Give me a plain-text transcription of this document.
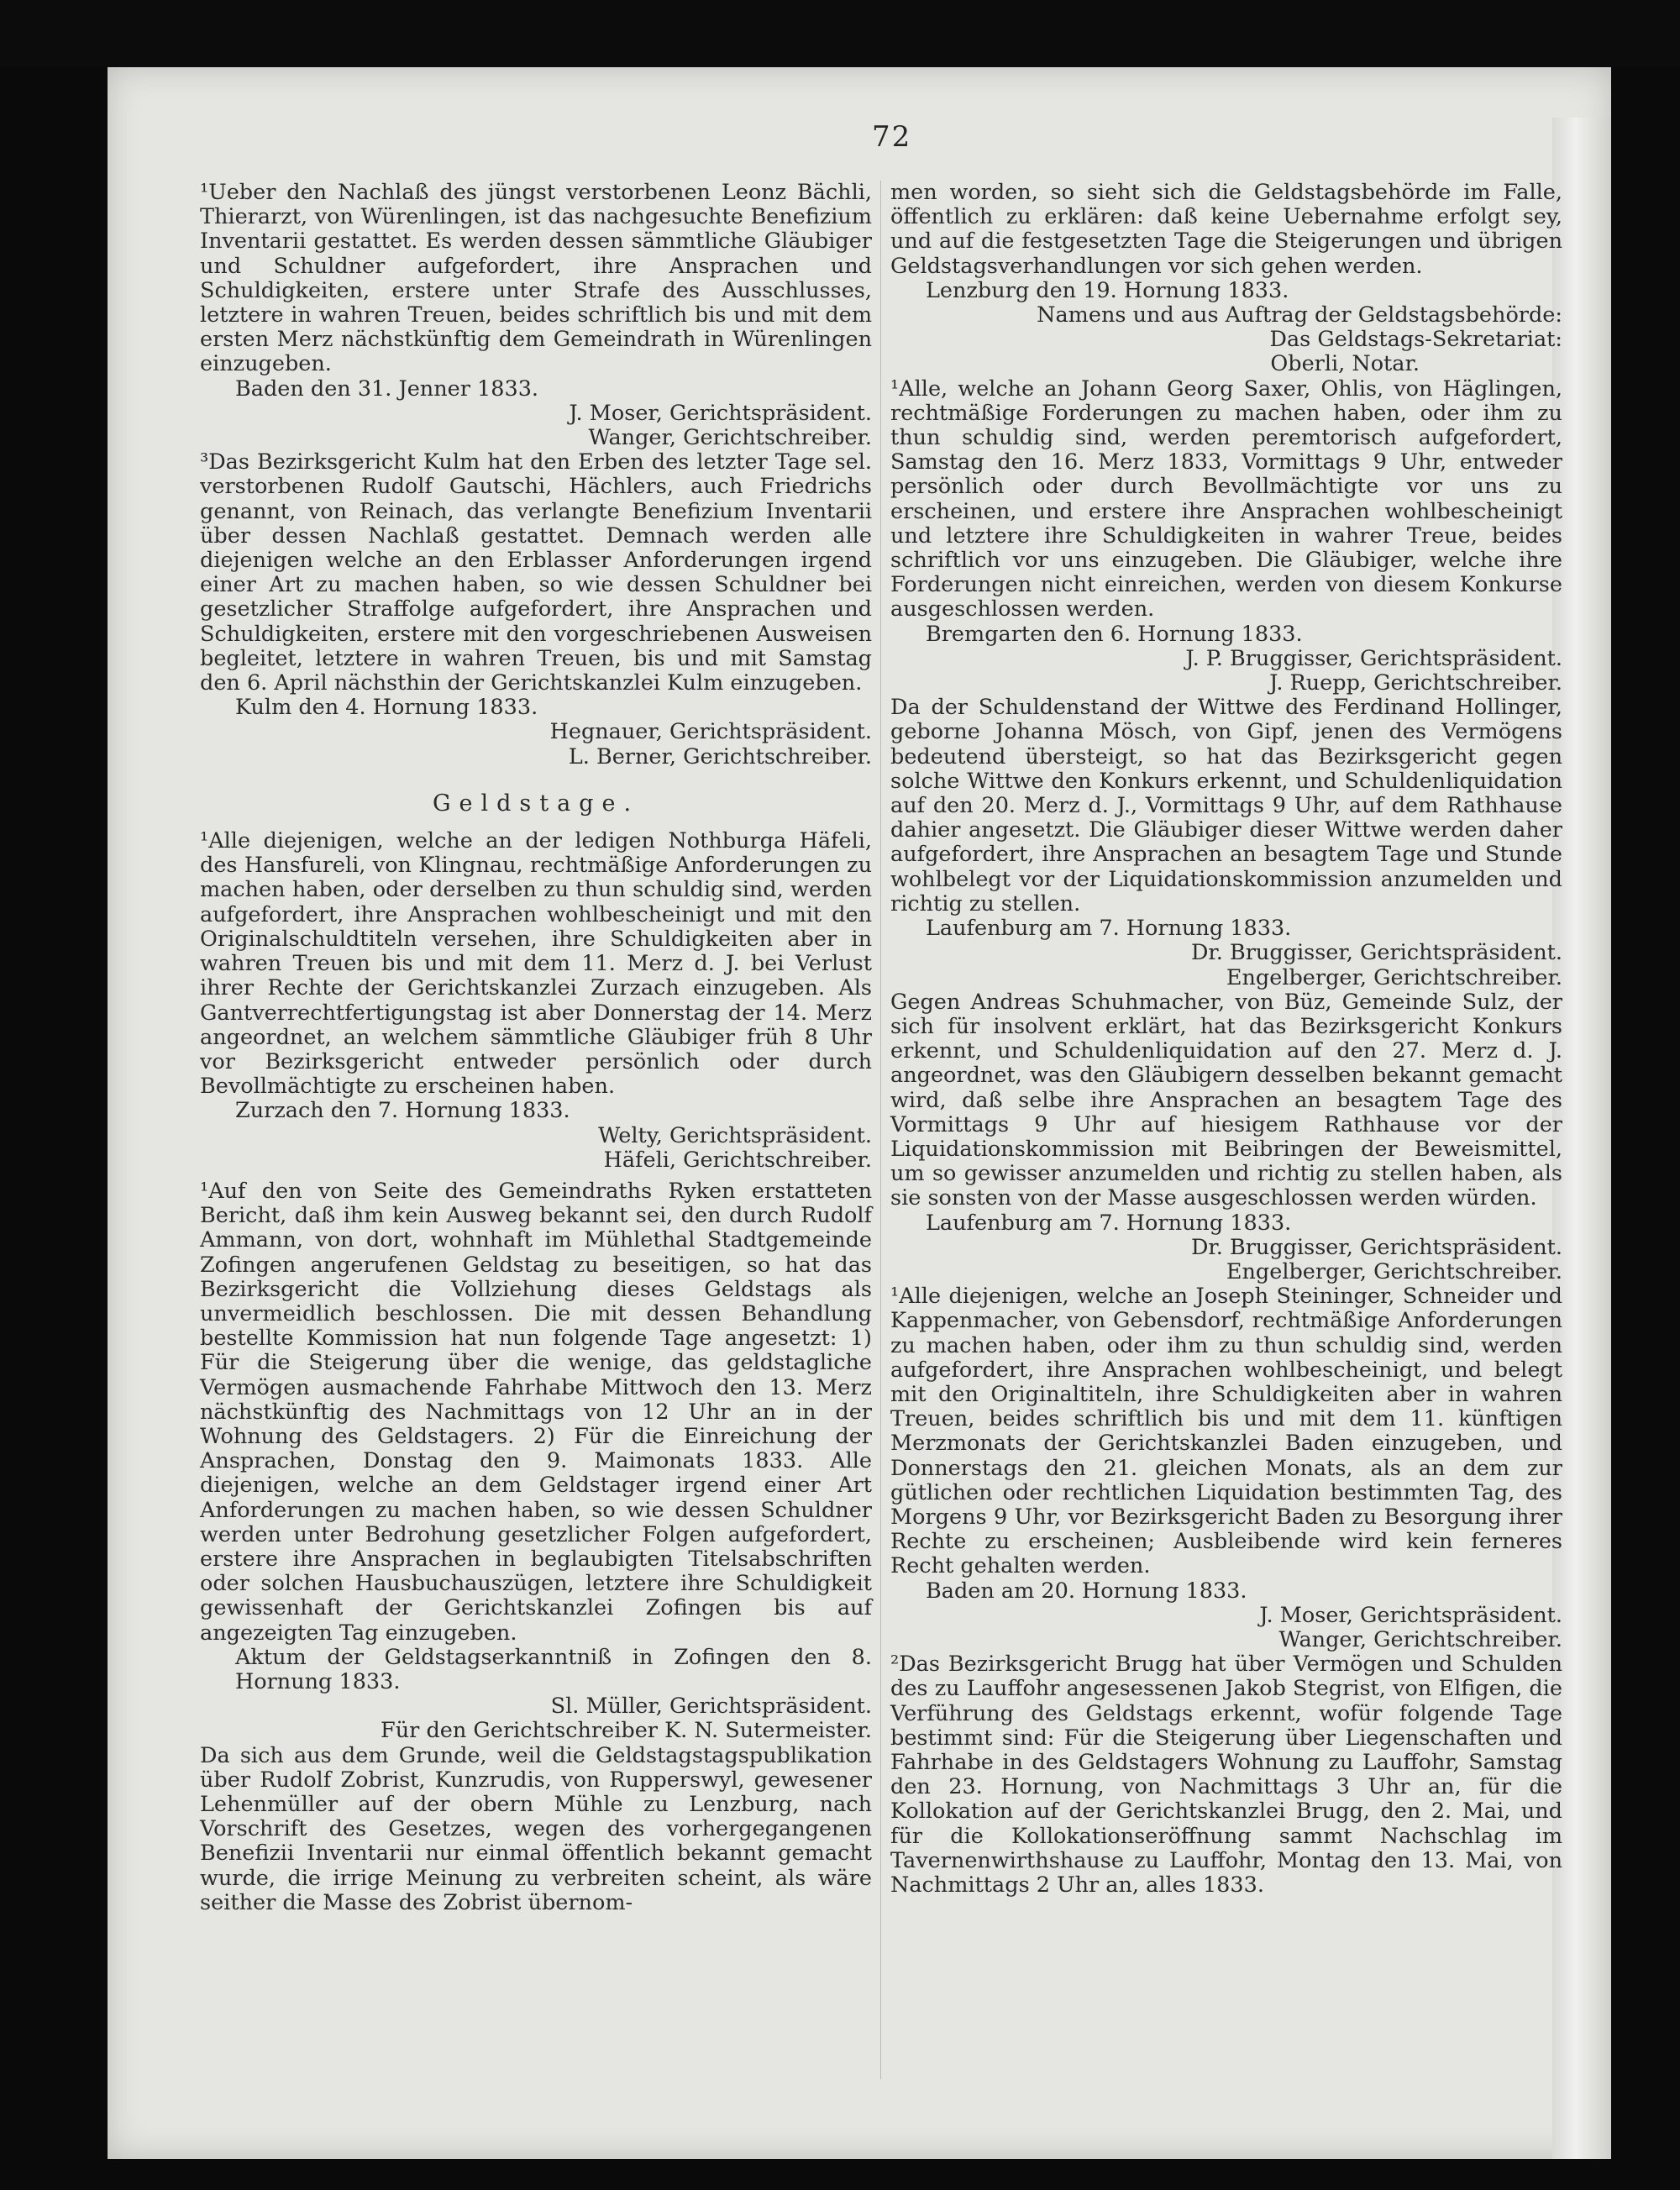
72

¹Ueber den Nachlaß des jüngst verstorbenen Leonz Bächli, Thierarzt, von Würenlingen, ist das nachgesuchte Benefizium Inventarii gestattet. Es werden dessen sämmtliche Gläubiger und Schuldner aufgefordert, ihre Ansprachen und Schuldigkeiten, erstere unter Strafe des Ausschlusses, letztere in wahren Treuen, beides schriftlich bis und mit dem ersten Merz nächstkünftig dem Gemeindrath in Würenlingen einzugeben.

Baden den 31. Jenner 1833.

J. Moser, Gerichtspräsident.

Wanger, Gerichtschreiber.

³Das Bezirksgericht Kulm hat den Erben des letzter Tage sel. verstorbenen Rudolf Gautschi, Hächlers, auch Friedrichs genannt, von Reinach, das verlangte Benefizium Inventarii über dessen Nachlaß gestattet. Demnach werden alle diejenigen welche an den Erblasser Anforderungen irgend einer Art zu machen haben, so wie dessen Schuldner bei gesetzlicher Straffolge aufgefordert, ihre Ansprachen und Schuldigkeiten, erstere mit den vorgeschriebenen Ausweisen begleitet, letztere in wahren Treuen, bis und mit Samstag den 6. April nächsthin der Gerichtskanzlei Kulm einzugeben.

Kulm den 4. Hornung 1833.

Hegnauer, Gerichtspräsident.

L. Berner, Gerichtschreiber.

Geldstage.

¹Alle diejenigen, welche an der ledigen Nothburga Häfeli, des Hansfureli, von Klingnau, rechtmäßige Anforderungen zu machen haben, oder derselben zu thun schuldig sind, werden aufgefordert, ihre Ansprachen wohlbescheinigt und mit den Originalschuldtiteln versehen, ihre Schuldigkeiten aber in wahren Treuen bis und mit dem 11. Merz d. J. bei Verlust ihrer Rechte der Gerichtskanzlei Zurzach einzugeben. Als Gantverrechtfertigungstag ist aber Donnerstag der 14. Merz angeordnet, an welchem sämmtliche Gläubiger früh 8 Uhr vor Bezirksgericht entweder persönlich oder durch Bevollmächtigte zu erscheinen haben.

Zurzach den 7. Hornung 1833.

Welty, Gerichtspräsident.

Häfeli, Gerichtschreiber.

¹Auf den von Seite des Gemeindraths Ryken erstatteten Bericht, daß ihm kein Ausweg bekannt sei, den durch Rudolf Ammann, von dort, wohnhaft im Mühlethal Stadtgemeinde Zofingen angerufenen Geldstag zu beseitigen, so hat das Bezirksgericht die Vollziehung dieses Geldstags als unvermeidlich beschlossen. Die mit dessen Behandlung bestellte Kommission hat nun folgende Tage angesetzt: 1) Für die Steigerung über die wenige, das geldstagliche Vermögen ausmachende Fahrhabe Mittwoch den 13. Merz nächstkünftig des Nachmittags von 12 Uhr an in der Wohnung des Geldstagers. 2) Für die Einreichung der Ansprachen, Donstag den 9. Maimonats 1833. Alle diejenigen, welche an dem Geldstager irgend einer Art Anforderungen zu machen haben, so wie dessen Schuldner werden unter Bedrohung gesetzlicher Folgen aufgefordert, erstere ihre Ansprachen in beglaubigten Titelsabschriften oder solchen Hausbuchauszügen, letztere ihre Schuldigkeit gewissenhaft der Gerichtskanzlei Zofingen bis auf angezeigten Tag einzugeben.

Aktum der Geldstagserkanntniß in Zofingen den 8. Hornung 1833.

Sl. Müller, Gerichtspräsident.

Für den Gerichtschreiber K. N. Sutermeister.

Da sich aus dem Grunde, weil die Geldstagstagspublikation über Rudolf Zobrist, Kunzrudis, von Rupperswyl, gewesener Lehenmüller auf der obern Mühle zu Lenzburg, nach Vorschrift des Gesetzes, wegen des vorhergegangenen Benefizii Inventarii nur einmal öffentlich bekannt gemacht wurde, die irrige Meinung zu verbreiten scheint, als wäre seither die Masse des Zobrist übernom-

men worden, so sieht sich die Geldstagsbehörde im Falle, öffentlich zu erklären: daß keine Uebernahme erfolgt sey, und auf die festgesetzten Tage die Steigerungen und übrigen Geldstagsverhandlungen vor sich gehen werden.

Lenzburg den 19. Hornung 1833.

Namens und aus Auftrag der Geldstagsbehörde:

Das Geldstags-Sekretariat:

Oberli, Notar.

¹Alle, welche an Johann Georg Saxer, Ohlis, von Häglingen, rechtmäßige Forderungen zu machen haben, oder ihm zu thun schuldig sind, werden peremtorisch aufgefordert, Samstag den 16. Merz 1833, Vormittags 9 Uhr, entweder persönlich oder durch Bevollmächtigte vor uns zu erscheinen, und erstere ihre Ansprachen wohlbescheinigt und letztere ihre Schuldigkeiten in wahrer Treue, beides schriftlich vor uns einzugeben. Die Gläubiger, welche ihre Forderungen nicht einreichen, werden von diesem Konkurse ausgeschlossen werden.

Bremgarten den 6. Hornung 1833.

J. P. Bruggisser, Gerichtspräsident.

J. Ruepp, Gerichtschreiber.

Da der Schuldenstand der Wittwe des Ferdinand Hollinger, geborne Johanna Mösch, von Gipf, jenen des Vermögens bedeutend übersteigt, so hat das Bezirksgericht gegen solche Wittwe den Konkurs erkennt, und Schuldenliquidation auf den 20. Merz d. J., Vormittags 9 Uhr, auf dem Rathhause dahier angesetzt. Die Gläubiger dieser Wittwe werden daher aufgefordert, ihre Ansprachen an besagtem Tage und Stunde wohlbelegt vor der Liquidationskommission anzumelden und richtig zu stellen.

Laufenburg am 7. Hornung 1833.

Dr. Bruggisser, Gerichtspräsident.

Engelberger, Gerichtschreiber.

Gegen Andreas Schuhmacher, von Büz, Gemeinde Sulz, der sich für insolvent erklärt, hat das Bezirksgericht Konkurs erkennt, und Schuldenliquidation auf den 27. Merz d. J. angeordnet, was den Gläubigern desselben bekannt gemacht wird, daß selbe ihre Ansprachen an besagtem Tage des Vormittags 9 Uhr auf hiesigem Rathhause vor der Liquidationskommission mit Beibringen der Beweismittel, um so gewisser anzumelden und richtig zu stellen haben, als sie sonsten von der Masse ausgeschlossen werden würden.

Laufenburg am 7. Hornung 1833.

Dr. Bruggisser, Gerichtspräsident.

Engelberger, Gerichtschreiber.

¹Alle diejenigen, welche an Joseph Steininger, Schneider und Kappenmacher, von Gebensdorf, rechtmäßige Anforderungen zu machen haben, oder ihm zu thun schuldig sind, werden aufgefordert, ihre Ansprachen wohlbescheinigt, und belegt mit den Originaltiteln, ihre Schuldigkeiten aber in wahren Treuen, beides schriftlich bis und mit dem 11. künftigen Merzmonats der Gerichtskanzlei Baden einzugeben, und Donnerstags den 21. gleichen Monats, als an dem zur gütlichen oder rechtlichen Liquidation bestimmten Tag, des Morgens 9 Uhr, vor Bezirksgericht Baden zu Besorgung ihrer Rechte zu erscheinen; Ausbleibende wird kein ferneres Recht gehalten werden.

Baden am 20. Hornung 1833.

J. Moser, Gerichtspräsident.

Wanger, Gerichtschreiber.

²Das Bezirksgericht Brugg hat über Vermögen und Schulden des zu Lauffohr angesessenen Jakob Stegrist, von Elfigen, die Verführung des Geldstags erkennt, wofür folgende Tage bestimmt sind: Für die Steigerung über Liegenschaften und Fahrhabe in des Geldstagers Wohnung zu Lauffohr, Samstag den 23. Hornung, von Nachmittags 3 Uhr an, für die Kollokation auf der Gerichtskanzlei Brugg, den 2. Mai, und für die Kollokationseröffnung sammt Nachschlag im Tavernenwirthshause zu Lauffohr, Montag den 13. Mai, von Nachmittags 2 Uhr an, alles 1833.
